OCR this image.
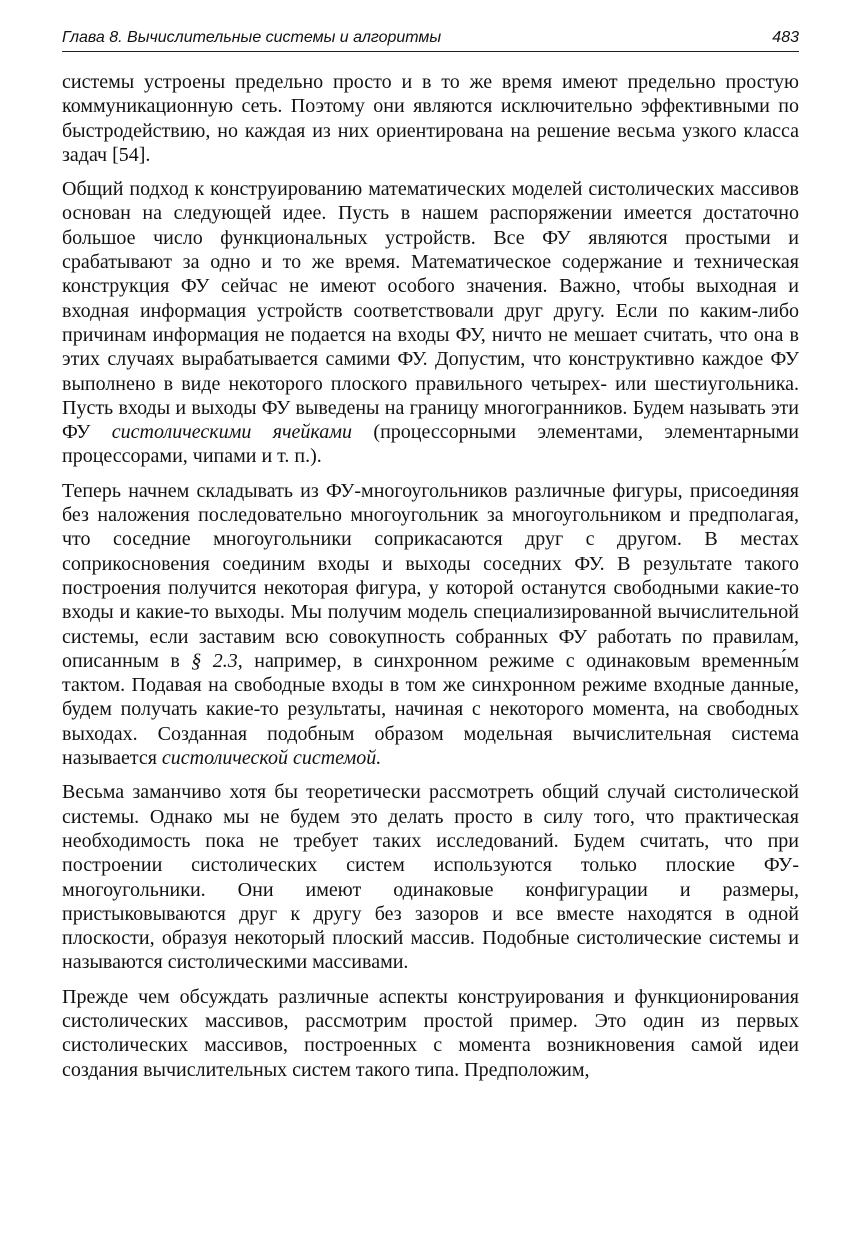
Глава 8. Вычислительные системы и алгоритмы	483

системы устроены предельно просто и в то же время имеют предельно простую коммуникационную сеть. Поэтому они являются исключительно эффективными по быстродействию, но каждая из них ориентирована на решение весьма узкого класса задач [54].

Общий подход к конструированию математических моделей систолических массивов основан на следующей идее. Пусть в нашем распоряжении имеется достаточно большое число функциональных устройств. Все ФУ являются простыми и срабатывают за одно и то же время. Математическое содержание и техническая конструкция ФУ сейчас не имеют особого значения. Важно, чтобы выходная и входная информация устройств соответствовали друг другу. Если по каким-либо причинам информация не подается на входы ФУ, ничто не мешает считать, что она в этих случаях вырабатывается самими ФУ. Допустим, что конструктивно каждое ФУ выполнено в виде некоторого плоского правильного четырех- или шестиугольника. Пусть входы и выходы ФУ выведены на границу многогранников. Будем называть эти ФУ систолическими ячейками (процессорными элементами, элементарными процессорами, чипами и т. п.).

Теперь начнем складывать из ФУ-многоугольников различные фигуры, присоединяя без наложения последовательно многоугольник за многоугольником и предполагая, что соседние многоугольники соприкасаются друг с другом. В местах соприкосновения соединим входы и выходы соседних ФУ. В результате такого построения получится некоторая фигура, у которой останутся свободными какие-то входы и какие-то выходы. Мы получим модель специализированной вычислительной системы, если заставим всю совокупность собранных ФУ работать по правилам, описанным в § 2.3, например, в синхронном режиме с одинаковым временны́м тактом. Подавая на свободные входы в том же синхронном режиме входные данные, будем получать какие-то результаты, начиная с некоторого момента, на свободных выходах. Созданная подобным образом модельная вычислительная система называется систолической системой.

Весьма заманчиво хотя бы теоретически рассмотреть общий случай систолической системы. Однако мы не будем это делать просто в силу того, что практическая необходимость пока не требует таких исследований. Будем считать, что при построении систолических систем используются только плоские ФУ-многоугольники. Они имеют одинаковые конфигурации и размеры, пристыковываются друг к другу без зазоров и все вместе находятся в одной плоскости, образуя некоторый плоский массив. Подобные систолические системы и называются систолическими массивами.

Прежде чем обсуждать различные аспекты конструирования и функционирования систолических массивов, рассмотрим простой пример. Это один из первых систолических массивов, построенных с момента возникновения самой идеи создания вычислительных систем такого типа. Предположим,
